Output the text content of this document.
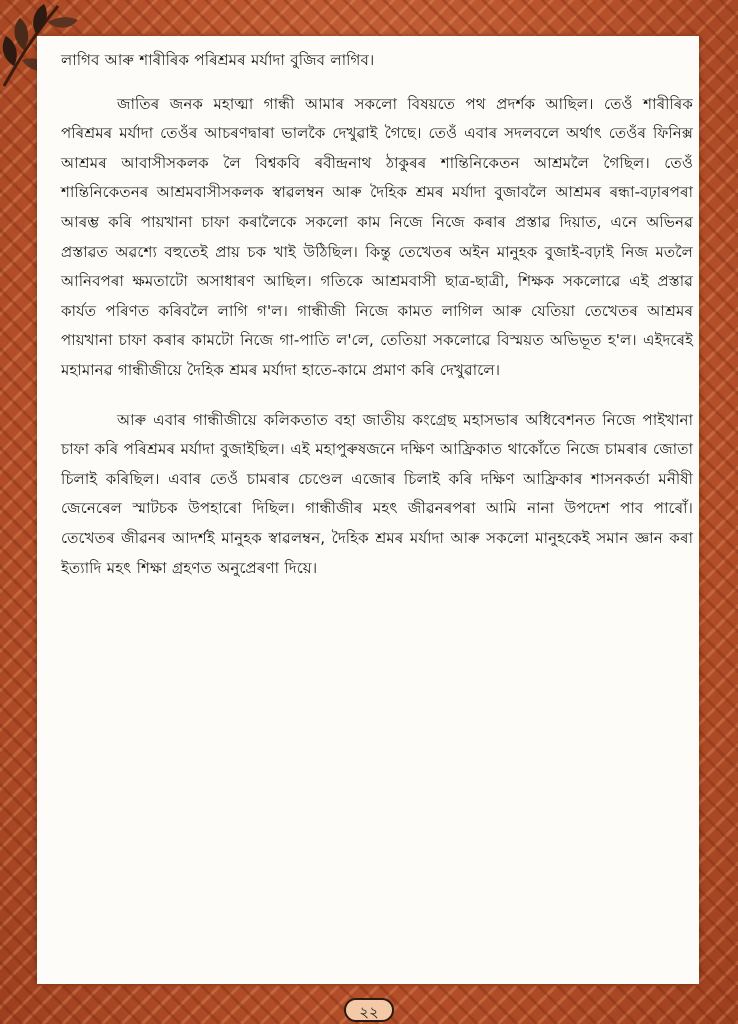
লাগিব আৰু শাৰীৰিক পৰিশ্ৰমৰ মৰ্যাদা বুজিব লাগিব।

জাতিৰ জনক মহাত্মা গান্ধী আমাৰ সকলো বিষয়তে পথ প্ৰদৰ্শক আছিল। তেওঁ শাৰীৰিক পৰিশ্ৰমৰ মৰ্যাদা তেওঁৰ আচৰণদ্বাৰা ভালকৈ দেখুৱাই গৈছে। তেওঁ এবাৰ সদলবলে অৰ্থাৎ তেওঁৰ ফিনিক্স আশ্ৰমৰ আবাসীসকলক লৈ বিশ্বকবি ৰবীন্দ্ৰনাথ ঠাকুৰৰ শান্তিনিকেতন আশ্ৰমলৈ গৈছিল। তেওঁ শান্তিনিকেতনৰ আশ্ৰমবাসীসকলক স্বাৱলম্বন আৰু দৈহিক শ্ৰমৰ মৰ্যাদা বুজাবলৈ আশ্ৰমৰ ৰন্ধা-বঢ়াৰপৰা আৰম্ভ কৰি পায়খানা চাফা কৰালৈকে সকলো কাম নিজে নিজে কৰাৰ প্ৰস্তাৱ দিয়াত, এনে অভিনৱ প্ৰস্তাৱত অৱশ্যে বহুতেই প্ৰায় চক খাই উঠিছিল। কিন্তু তেখেতৰ অইন মানুহক বুজাই-বঢ়াই নিজ মতলৈ আনিবপৰা ক্ষমতাটো অসাধাৰণ আছিল। গতিকে আশ্ৰমবাসী ছাত্ৰ-ছাত্ৰী, শিক্ষক সকলোৱে এই প্ৰস্তাৱ কাৰ্যত পৰিণত কৰিবলৈ লাগি গ'ল। গান্ধীজী নিজে কামত লাগিল আৰু যেতিয়া তেখেতৰ আশ্ৰমৰ পায়খানা চাফা কৰাৰ কামটো নিজে গা-পাতি ল'লে, তেতিয়া সকলোৱে বিস্ময়ত অভিভূত হ'ল। এইদৰেই মহামানৱ গান্ধীজীয়ে দৈহিক শ্ৰমৰ মৰ্যাদা হাতে-কামে প্ৰমাণ কৰি দেখুৱালে।

আৰু এবাৰ গান্ধীজীয়ে কলিকতাত বহা জাতীয় কংগ্ৰেছ মহাসভাৰ অধিবেশনত নিজে পাইখানা চাফা কৰি পৰিশ্ৰমৰ মৰ্যাদা বুজাইছিল। এই মহাপুৰুষজনে দক্ষিণ আফ্ৰিকাত থাকোঁতে নিজে চামৰাৰ জোতা চিলাই কৰিছিল। এবাৰ তেওঁ চামৰাৰ চেণ্ডেল এজোৰ চিলাই কৰি দক্ষিণ আফ্ৰিকাৰ শাসনকৰ্তা মনীষী জেনেৰেল স্মাটচক উপহাৰো দিছিল। গান্ধীজীৰ মহৎ জীৱনৰপৰা আমি নানা উপদেশ পাব পাৰোঁ। তেখেতৰ জীৱনৰ আদৰ্শই মানুহক স্বাৱলম্বন, দৈহিক শ্ৰমৰ মৰ্যাদা আৰু সকলো মানুহকেই সমান জ্ঞান কৰা ইত্যাদি মহৎ শিক্ষা গ্ৰহণত অনুপ্ৰেৰণা দিয়ে।

২২
